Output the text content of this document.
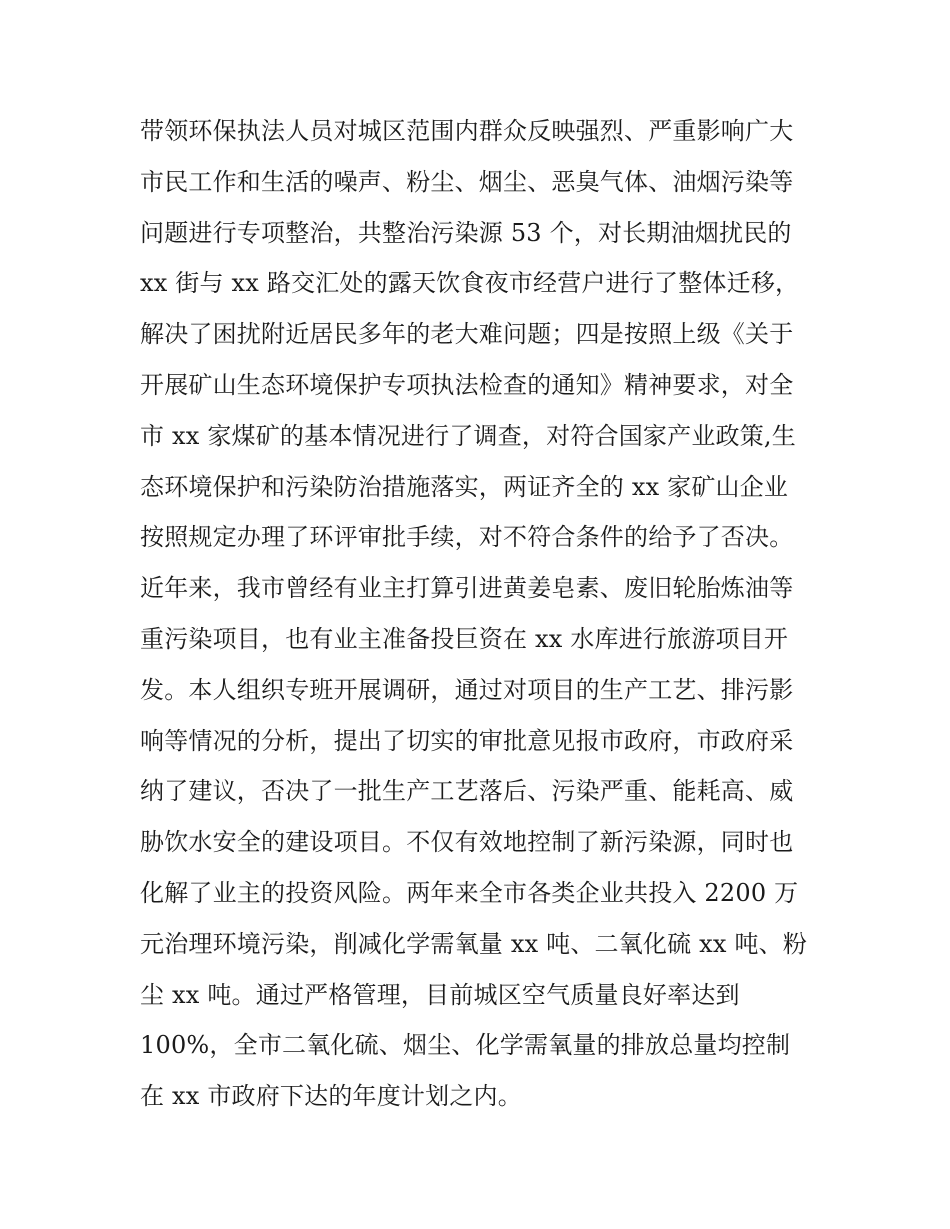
带领环保执法人员对城区范围内群众反映强烈、严重影响广大
市民工作和生活的噪声、粉尘、烟尘、恶臭气体、油烟污染等
问题进行专项整治，共整治污染源 53 个，对长期油烟扰民的
xx 街与 xx 路交汇处的露天饮食夜市经营户进行了整体迁移，
解决了困扰附近居民多年的老大难问题；四是按照上级《关于
开展矿山生态环境保护专项执法检查的通知》精神要求，对全
市 xx 家煤矿的基本情况进行了调查，对符合国家产业政策,生
态环境保护和污染防治措施落实，两证齐全的 xx 家矿山企业
按照规定办理了环评审批手续，对不符合条件的给予了否决。
近年来，我市曾经有业主打算引进黄姜皂素、废旧轮胎炼油等
重污染项目，也有业主准备投巨资在 xx 水库进行旅游项目开
发。本人组织专班开展调研，通过对项目的生产工艺、排污影
响等情况的分析，提出了切实的审批意见报市政府，市政府采
纳了建议，否决了一批生产工艺落后、污染严重、能耗高、威
胁饮水安全的建设项目。不仅有效地控制了新污染源，同时也
化解了业主的投资风险。两年来全市各类企业共投入 2200 万
元治理环境污染，削减化学需氧量 xx 吨、二氧化硫 xx 吨、粉
尘 xx 吨。通过严格管理，目前城区空气质量良好率达到
100%，全市二氧化硫、烟尘、化学需氧量的排放总量均控制
在 xx 市政府下达的年度计划之内。
